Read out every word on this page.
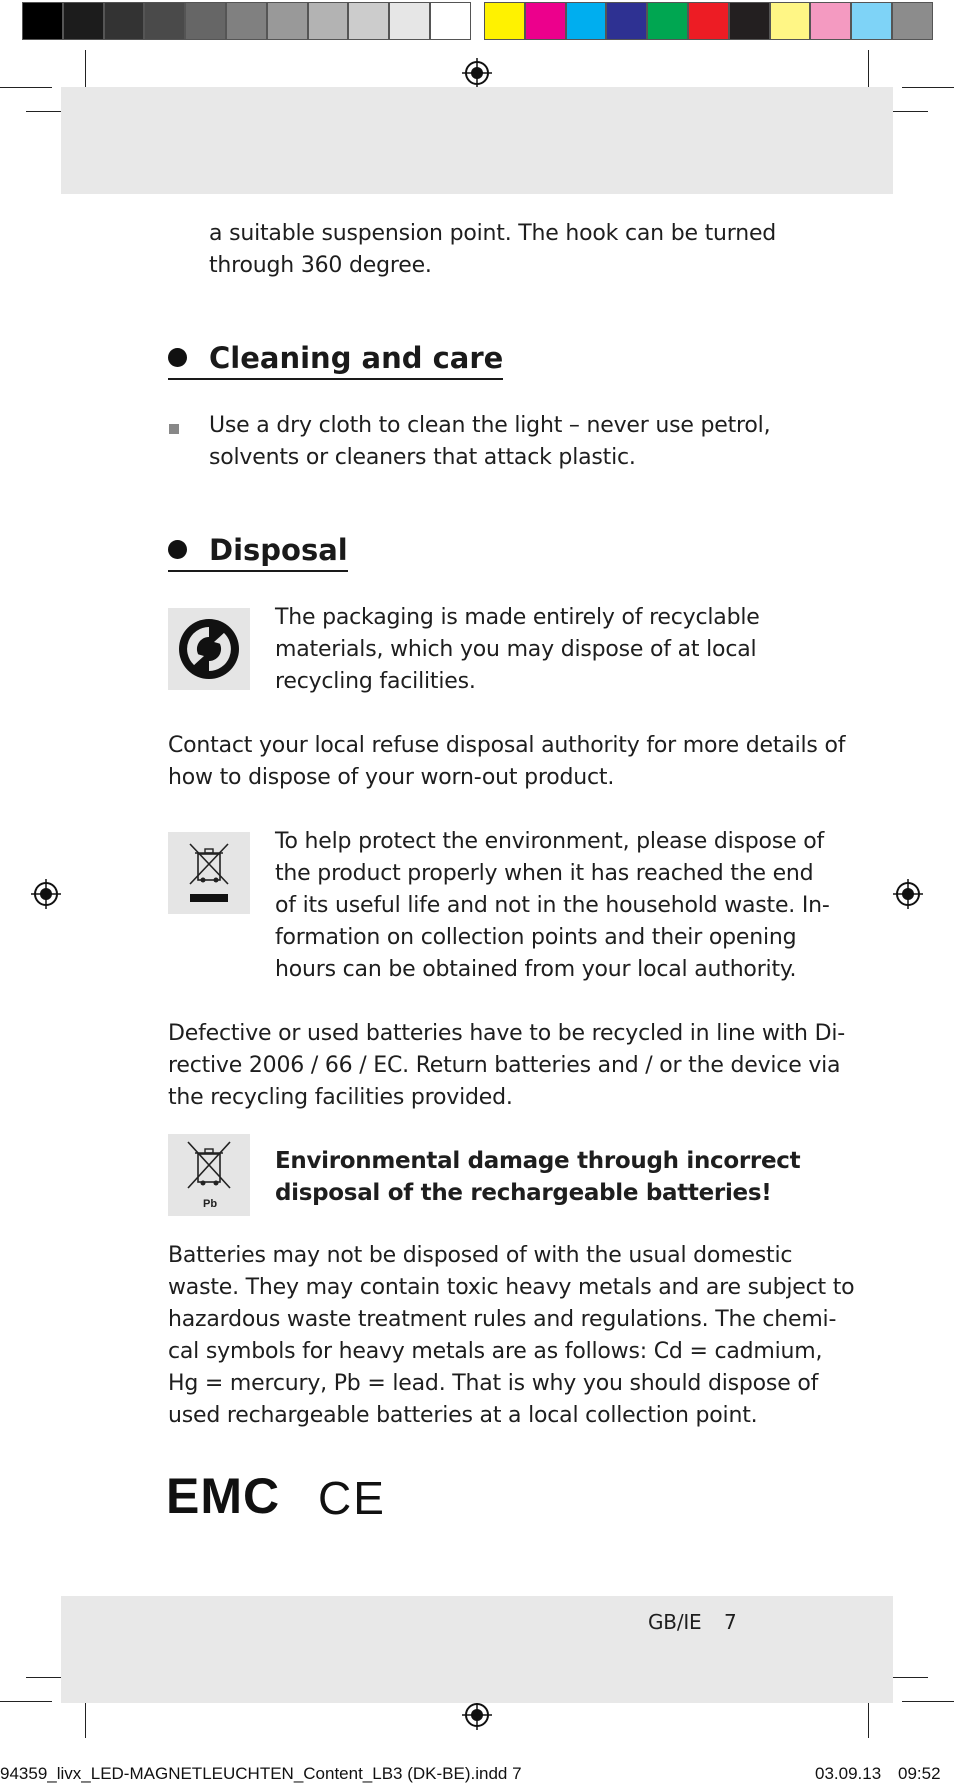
a suitable suspension point. The hook can be turned
through 360 degree.
Cleaning and care
Use a dry cloth to clean the light – never use petrol,
solvents or cleaners that attack plastic.
Disposal
The packaging is made entirely of recyclable
materials, which you may dispose of at local
recycling facilities.
Contact your local refuse disposal authority for more details of
how to dispose of your worn-out product.
To help protect the environment, please dispose of
the product properly when it has reached the end
of its useful life and not in the household waste. In-
formation on collection points and their opening
hours can be obtained from your local authority.
Defective or used batteries have to be recycled in line with Di-
rective 2006 / 66 / EC. Return batteries and / or the device via
the recycling facilities provided.
Pb
Environmental damage through incorrect
disposal of the rechargeable batteries!
Batteries may not be disposed of with the usual domestic
waste. They may contain toxic heavy metals and are subject to
hazardous waste treatment rules and regulations. The chemi-
cal symbols for heavy metals are as follows: Cd = cadmium,
Hg = mercury, Pb = lead. That is why you should dispose of
used rechargeable batteries at a local collection point.
EMC CE
GB/IE 7
94359_livx_LED-MAGNETLEUCHTEN_Content_LB3 (DK-BE).indd 7	03.09.13 09:52
